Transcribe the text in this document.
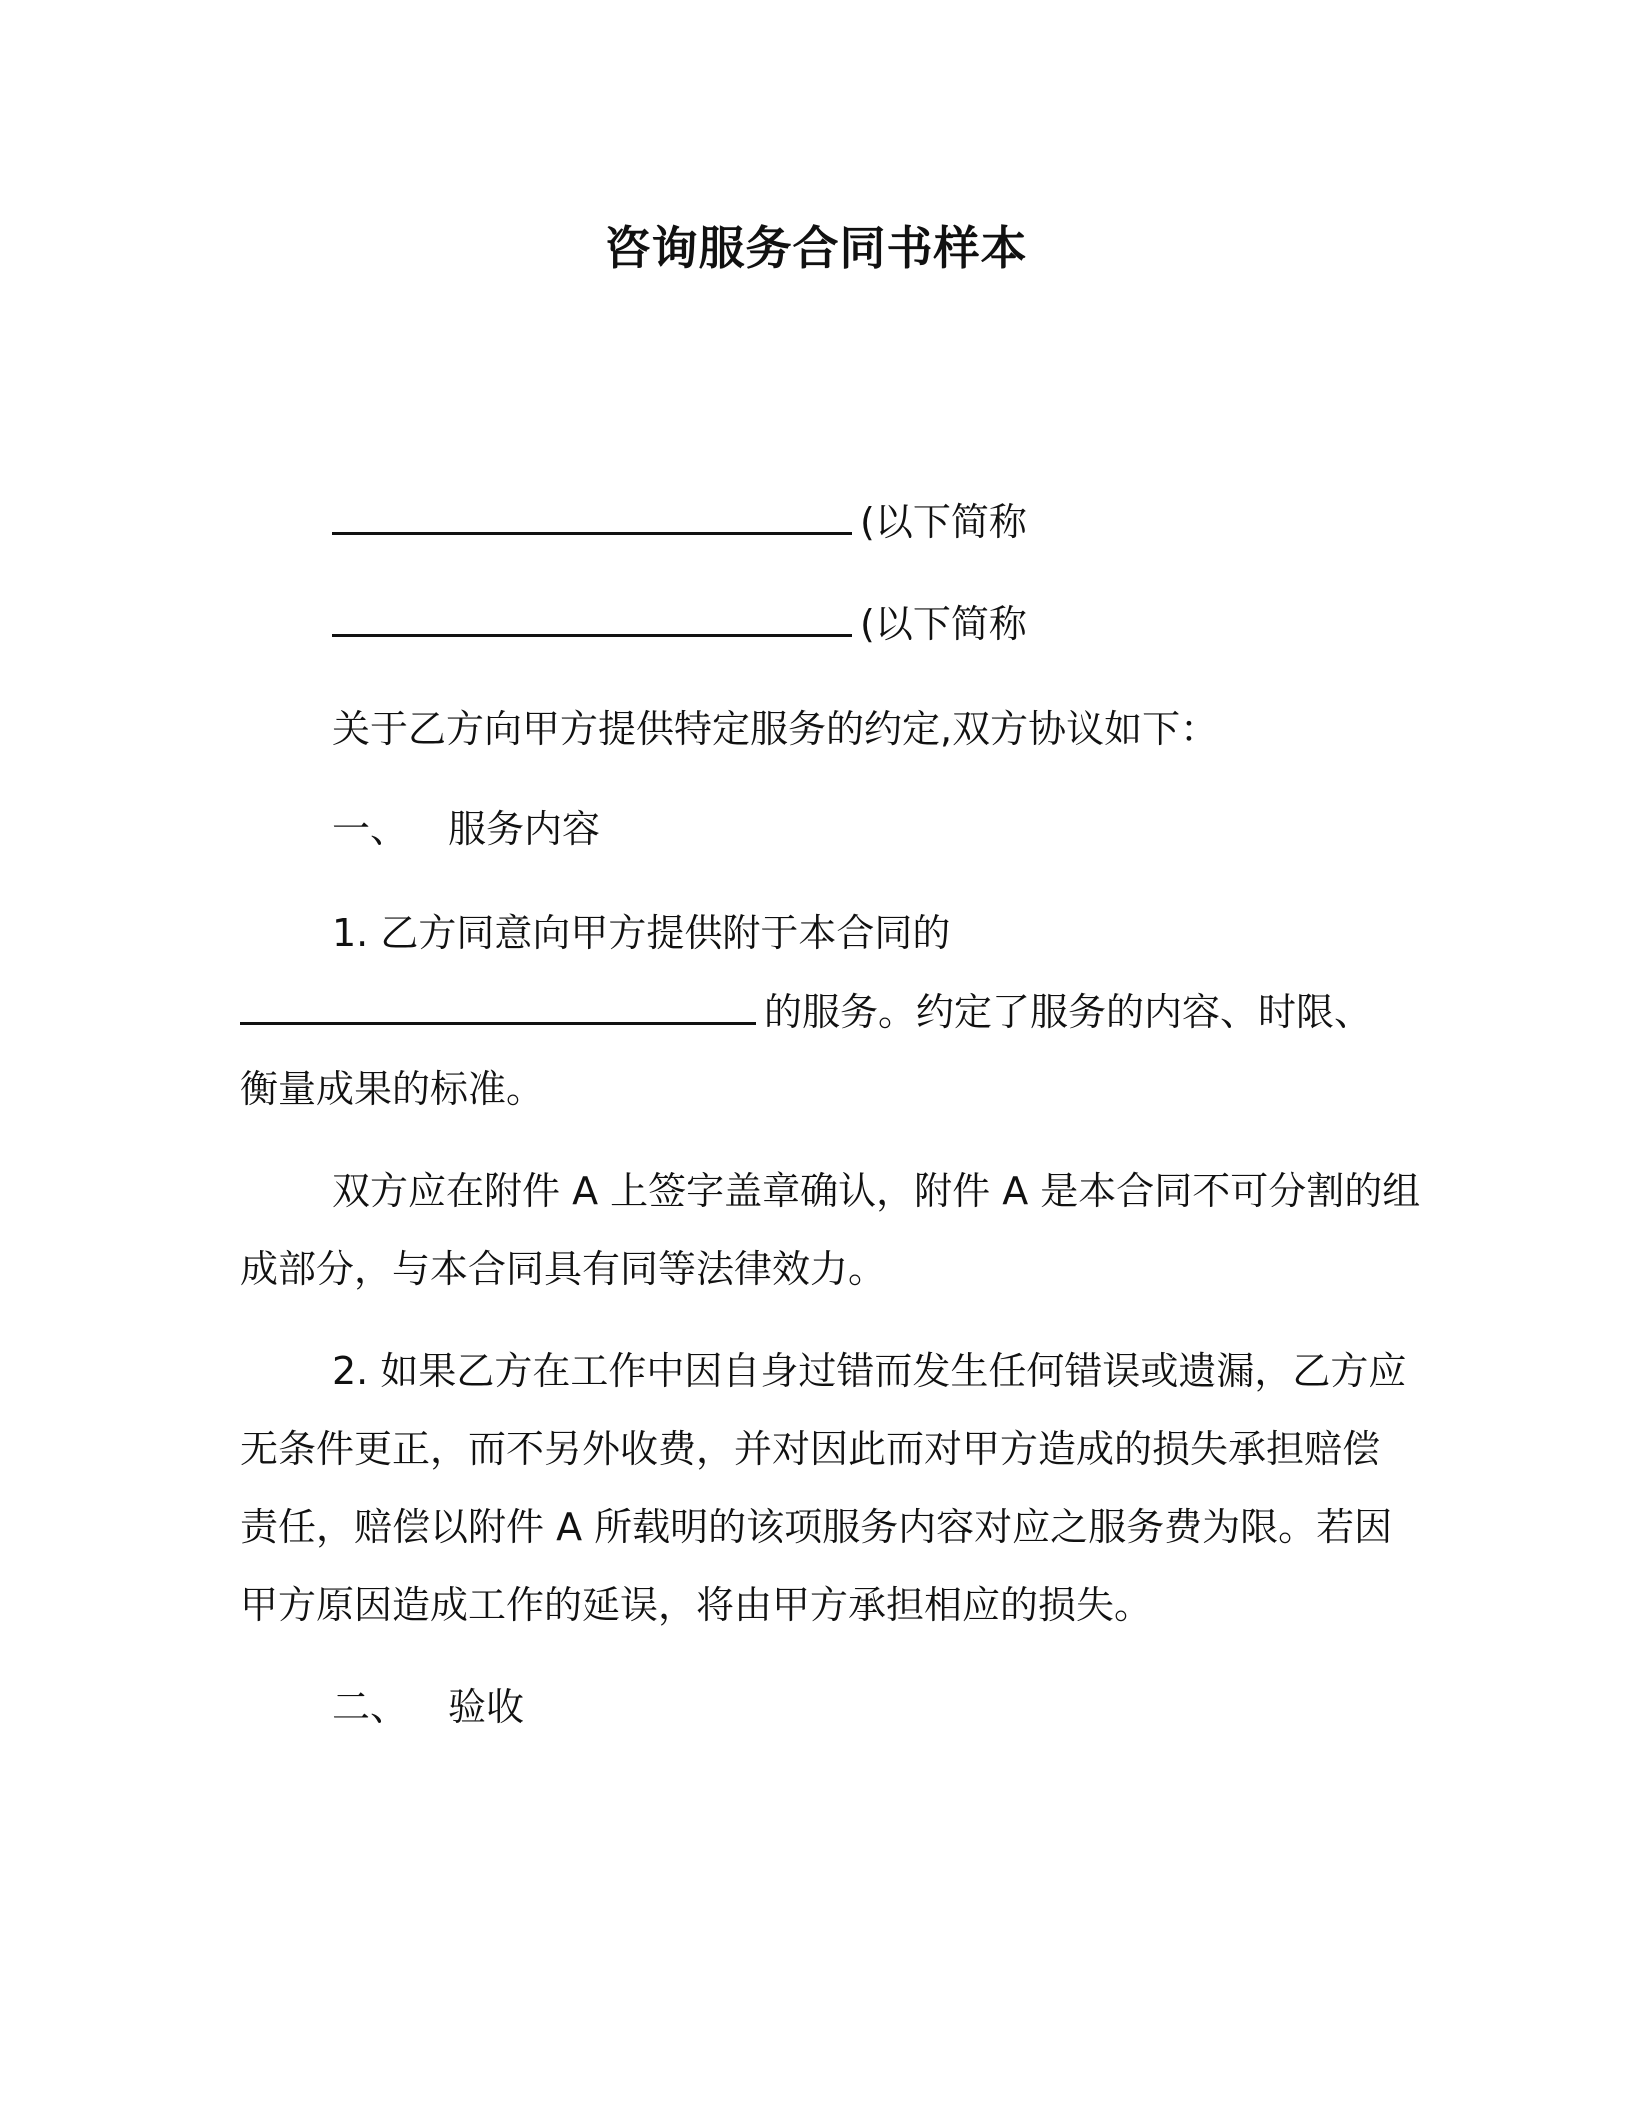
咨询服务合同书样本
(以下简称
(以下简称
关于乙方向甲方提供特定服务的约定,双方协议如下：
一、 服务内容
1. 乙方同意向甲方提供附于本合同的
的服务。约定了服务的内容、时限、
衡量成果的标准。
双方应在附件 A 上签字盖章确认，附件 A 是本合同不可分割的组
成部分，与本合同具有同等法律效力。
2. 如果乙方在工作中因自身过错而发生任何错误或遗漏，乙方应
无条件更正，而不另外收费，并对因此而对甲方造成的损失承担赔偿
责任，赔偿以附件 A 所载明的该项服务内容对应之服务费为限。若因
甲方原因造成工作的延误，将由甲方承担相应的损失。
二、 验收
